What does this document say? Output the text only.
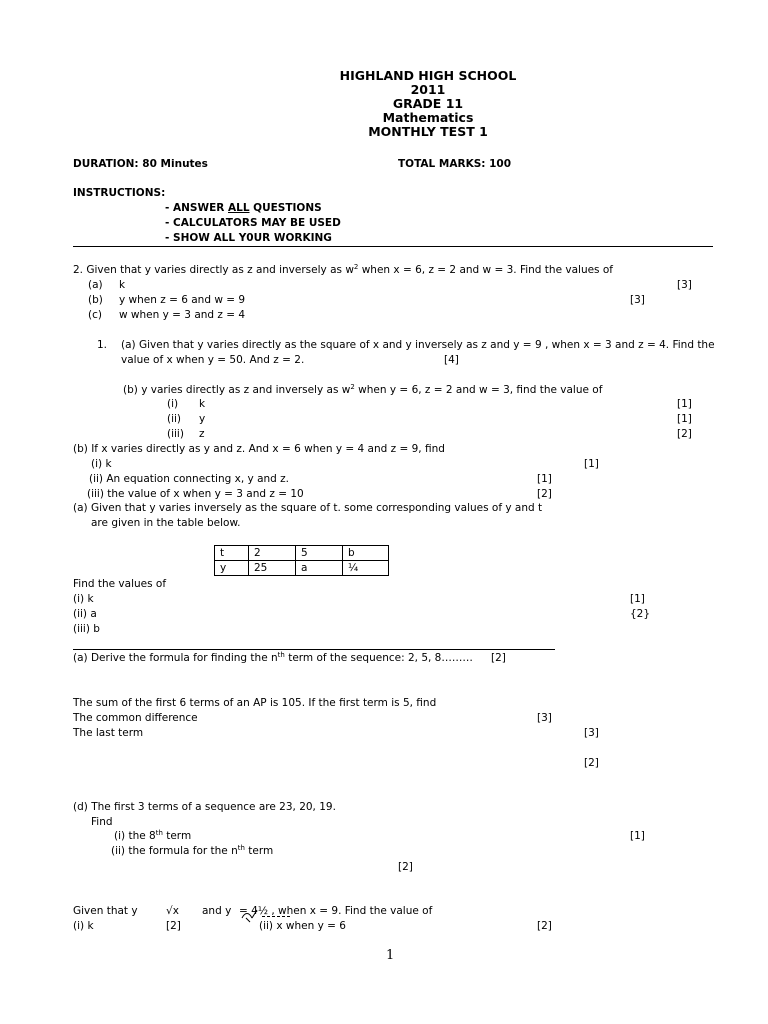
HIGHLAND HIGH SCHOOL
2011
GRADE 11
Mathematics
MONTHLY TEST 1
DURATION: 80 Minutes	TOTAL MARKS: 100
INSTRUCTIONS:
- ANSWER ALL QUESTIONS
- CALCULATORS MAY BE USED
- SHOW ALL Y0UR WORKING
2. Given that y varies directly as z and inversely as $w^2$ when x = 6, z = 2 and w = 3. Find the values of
(a) k	[3]
(b) y when z = 6 and w = 9	[3]
(c) w when y = 3 and z = 4
1. (a) Given that y varies directly as the square of x and y inversely as z and y = 9 , when x = 3 and z = 4. Find the
value of x when y = 50. And z = 2.	[4]
(b) y varies directly as z and inversely as $w^2$ when y = 6, z = 2 and w = 3, find the value of
(i) k	[1]
(ii) y	[1]
(iii) z	[2]
(b) If x varies directly as y and z. And x = 6 when y = 4 and z = 9, find
(i) k	[1]
(ii) An equation connecting x, y and z.	[1]
(iii) the value of x when y = 3 and z = 10	[2]
(a) Given that y varies inversely as the square of t. some corresponding values of y and t
are given in the table below.
t	2	5	b
y	25	a	¼
Find the values of
(i) k	[1]
(ii) a	{2}
(iii) b
(a) Derive the formula for finding the $n^{th}$ term of the sequence: 2, 5, 8……… [2]
The sum of the first 6 terms of an AP is 105. If the first term is 5, find
The common difference	[3]
The last term	[3]
[2]
(d) The first 3 terms of a sequence are 23, 20, 19.
Find
(i) the 8th term	[1]
(ii) the formula for the $n^{th}$ term
[2]
Given that y	√x and y = 4½ , when x = 9. Find the value of
(i) k	[2]	(ii) x when y = 6	[2]
1
